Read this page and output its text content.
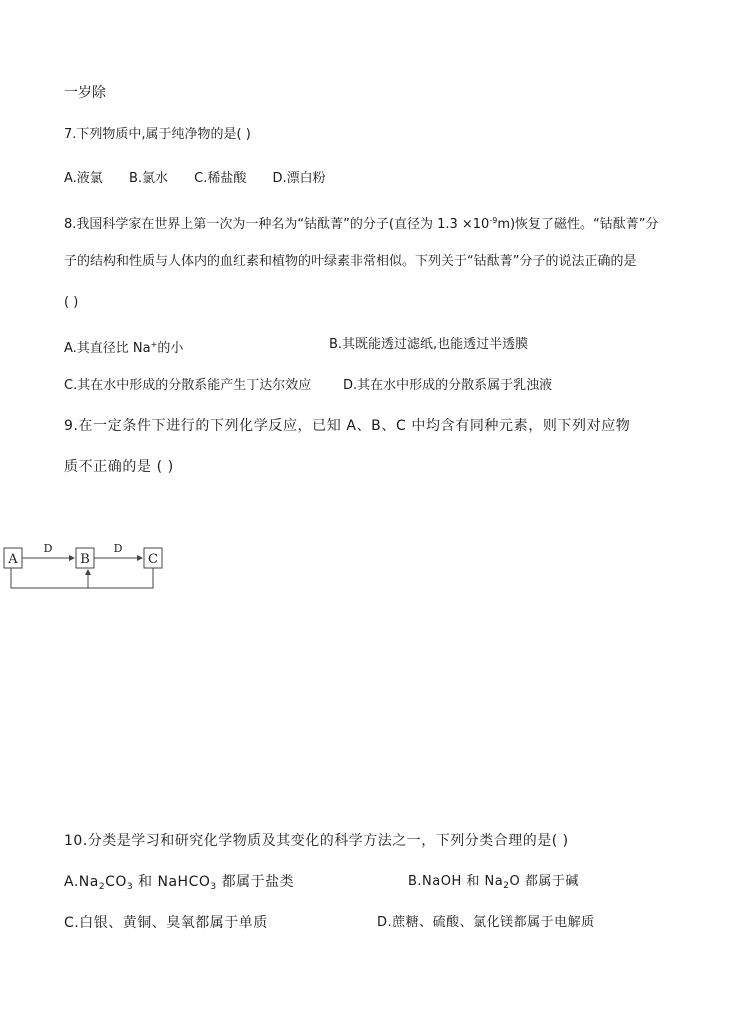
一岁除
7.下列物质中,属于纯净物的是( )
A.液氯 B.氯水 C.稀盐酸 D.漂白粉
8.我国科学家在世界上第一次为一种名为“钴酞菁”的分子(直径为 $1.3 \times 10^{-9}m$)恢复了磁性。“钴酞菁”分
子的结构和性质与人体内的血红素和植物的叶绿素非常相似。下列关于“钴酞菁”分子的说法正确的是
( )
A.其直径比 Na+的小	B.其既能透过滤纸,也能透过半透膜
C.其在水中形成的分散系能产生丁达尔效应 D.其在水中形成的分散系属于乳浊液
9.在一定条件下进行的下列化学反应，已知 A、B、C 中均含有同种元素，则下列对应物
质不正确的是 ( )
A	B	C
D	D
10.分类是学习和研究化学物质及其变化的科学方法之一，下列分类合理的是( )
$A.Na_2CO_3$ 和 NaHCO$_3$ 都属于盐类	B.NaOH 和 $Na_2O$ 都属于碱
C.白银、黄铜、臭氧都属于单质	D.蔗糖、硫酸、氯化镁都属于电解质
